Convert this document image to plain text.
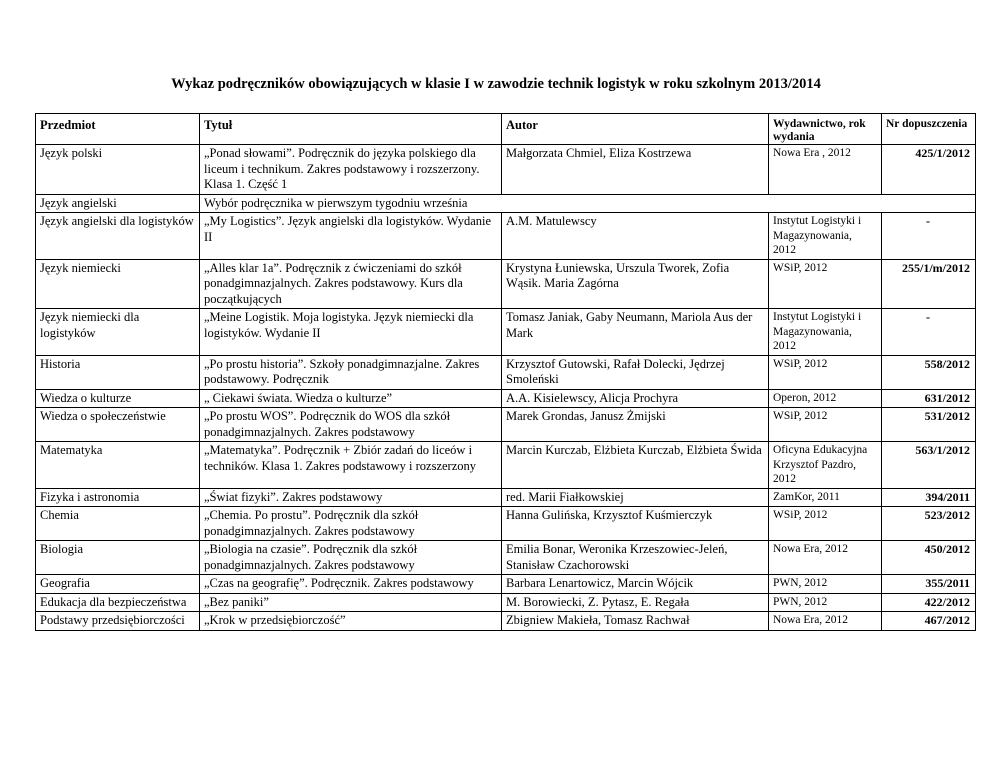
Wykaz podręczników obowiązujących w klasie I w zawodzie technik logistyk w roku szkolnym 2013/2014
Przedmiot	Tytuł	Autor	Wydawnictwo, rok wydania	Nr dopuszczenia
Język polski	„Ponad słowami”. Podręcznik do języka polskiego dla liceum i technikum. Zakres podstawowy i rozszerzony. Klasa 1. Część 1	Małgorzata Chmiel, Eliza Kostrzewa	Nowa Era , 2012	425/1/2012
Język angielski	Wybór podręcznika w pierwszym tygodniu września			
Język angielski dla logistyków	„My Logistics”. Język angielski dla logistyków. Wydanie II	A.M. Matulewscy	Instytut Logistyki i Magazynowania, 2012	-
Język niemiecki	„Alles klar 1a”. Podręcznik z ćwiczeniami do szkół ponadgimnazjalnych. Zakres podstawowy. Kurs dla początkujących	Krystyna Łuniewska, Urszula Tworek, Zofia Wąsik. Maria Zagórna	WSiP, 2012	255/1/m/2012
Język niemiecki dla logistyków	„Meine Logistik. Moja logistyka. Język niemiecki dla logistyków. Wydanie II	Tomasz Janiak, Gaby Neumann, Mariola Aus der Mark	Instytut Logistyki i Magazynowania, 2012	-
Historia	„Po prostu historia”. Szkoły ponadgimnazjalne. Zakres podstawowy. Podręcznik	Krzysztof Gutowski, Rafał Dolecki, Jędrzej Smoleński	WSiP, 2012	558/2012
Wiedza o kulturze	„ Ciekawi świata. Wiedza o kulturze”	A.A. Kisielewscy, Alicja Prochyra	Operon, 2012	631/2012
Wiedza o społeczeństwie	„Po prostu WOS”. Podręcznik do WOS dla szkół ponadgimnazjalnych. Zakres podstawowy	Marek Grondas, Janusz Żmijski	WSiP, 2012	531/2012
Matematyka	„Matematyka”. Podręcznik + Zbiór zadań do liceów i techników. Klasa 1. Zakres podstawowy i rozszerzony	Marcin Kurczab, Elżbieta Kurczab, Elżbieta Świda	Oficyna Edukacyjna Krzysztof Pazdro, 2012	563/1/2012
Fizyka i astronomia	„Świat fizyki”. Zakres podstawowy	red. Marii Fiałkowskiej	ZamKor, 2011	394/2011
Chemia	„Chemia. Po prostu”. Podręcznik dla szkół ponadgimnazjalnych. Zakres podstawowy	Hanna Gulińska, Krzysztof Kuśmierczyk	WSiP, 2012	523/2012
Biologia	„Biologia na czasie”. Podręcznik dla szkół ponadgimnazjalnych. Zakres podstawowy	Emilia Bonar, Weronika Krzeszowiec-Jeleń, Stanisław Czachorowski	Nowa Era, 2012	450/2012
Geografia	„Czas na geografię”. Podręcznik. Zakres podstawowy	Barbara Lenartowicz, Marcin Wójcik	PWN, 2012	355/2011
Edukacja dla bezpieczeństwa	„Bez paniki”	M. Borowiecki, Z. Pytasz, E. Regała	PWN, 2012	422/2012
Podstawy przedsiębiorczości	„Krok w przedsiębiorczość”	Zbigniew Makieła, Tomasz Rachwał	Nowa Era, 2012	467/2012
